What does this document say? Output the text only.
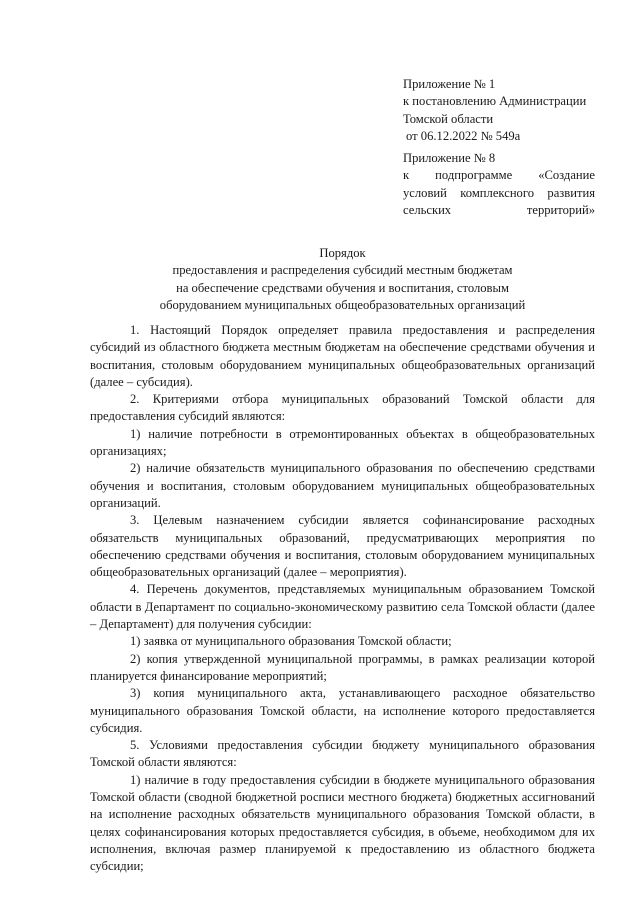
Приложение № 1
к постановлению Администрации
Томской области
от 06.12.2022 № 549а
Приложение № 8
к подпрограмме «Создание условий комплексного развития сельских территорий»
Порядок
предоставления и распределения субсидий местным бюджетам
на обеспечение средствами обучения и воспитания, столовым
оборудованием муниципальных общеобразовательных организаций

1. Настоящий Порядок определяет правила предоставления и распределения субсидий из областного бюджета местным бюджетам на обеспечение средствами обучения и воспитания, столовым оборудованием муниципальных общеобразовательных организаций (далее – субсидия).

2. Критериями отбора муниципальных образований Томской области для предоставления субсидий являются:

1) наличие потребности в отремонтированных объектах в общеобразовательных организациях;

2) наличие обязательств муниципального образования по обеспечению средствами обучения и воспитания, столовым оборудованием муниципальных общеобразовательных организаций.

3. Целевым назначением субсидии является софинансирование расходных обязательств муниципальных образований, предусматривающих мероприятия по обеспечению средствами обучения и воспитания, столовым оборудованием муниципальных общеобразовательных организаций (далее – мероприятия).

4. Перечень документов, представляемых муниципальным образованием Томской области в Департамент по социально-экономическому развитию села Томской области (далее – Департамент) для получения субсидии:

1) заявка от муниципального образования Томской области;

2) копия утвержденной муниципальной программы, в рамках реализации которой планируется финансирование мероприятий;

3) копия муниципального акта, устанавливающего расходное обязательство муниципального образования Томской области, на исполнение которого предоставляется субсидия.

5. Условиями предоставления субсидии бюджету муниципального образования Томской области являются:

1) наличие в году предоставления субсидии в бюджете муниципального образования Томской области (сводной бюджетной росписи местного бюджета) бюджетных ассигнований на исполнение расходных обязательств муниципального образования Томской области, в целях софинансирования которых предоставляется субсидия, в объеме, необходимом для их исполнения, включая размер планируемой к предоставлению из областного бюджета субсидии;
